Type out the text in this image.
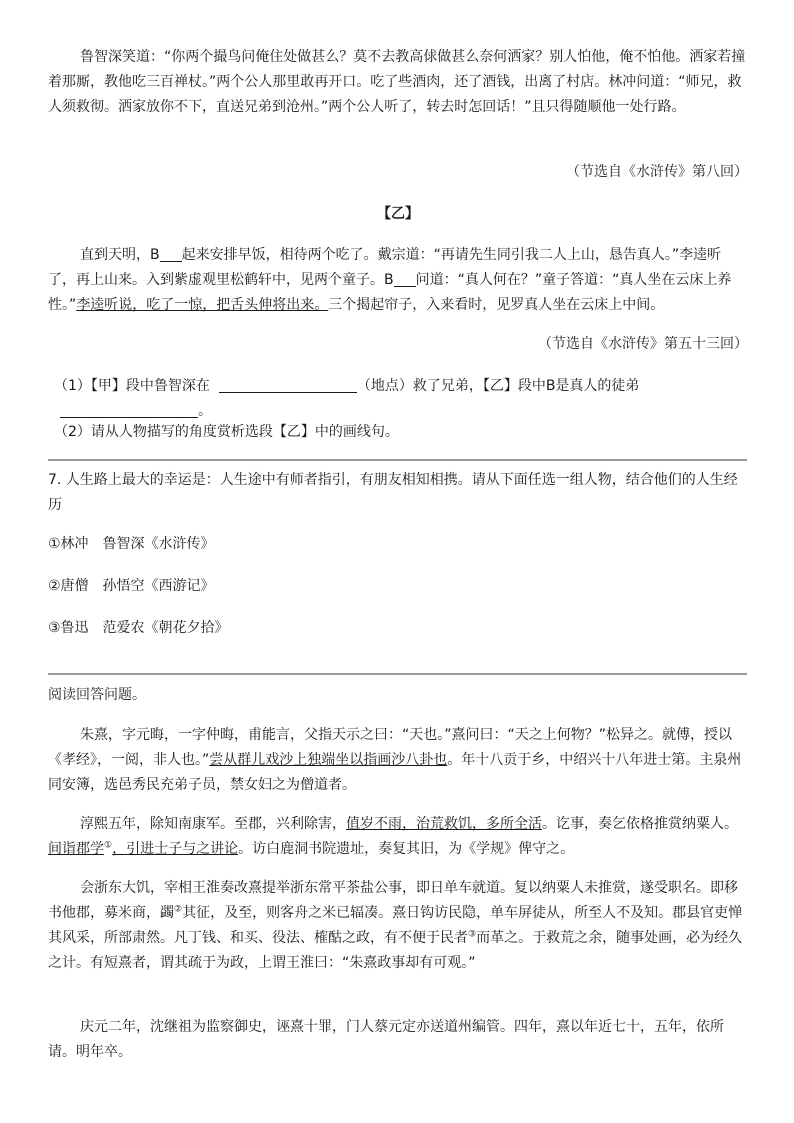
鲁智深笑道：“你两个撮鸟问俺住处做甚么？莫不去教高俅做甚么奈何洒家？别人怕他，俺不怕他。洒家若撞着那厮，教他吃三百禅杖。”两个公人那里敢再开口。吃了些酒肉，还了酒钱，出离了村店。林冲问道：“师兄，救人须救彻。洒家放你不下，直送兄弟到沧州。”两个公人听了，转去时怎回话！”且只得随顺他一处行路。

（节选自《水浒传》第八回）

【乙】

直到天明，B 起来安排早饭，相待两个吃了。戴宗道：“再请先生同引我二人上山，恳告真人。”李逵听了，再上山来。入到紫虚观里松鹤轩中，见两个童子。B 问道：“真人何在？”童子答道：“真人坐在云床上养性。”李逵听说，吃了一惊，把舌头伸将出来。三个揭起帘子，入来看时，见罗真人坐在云床上中间。

（节选自《水浒传》第五十三回）

（1）【甲】段中鲁智深在	（地点）救了兄弟，【乙】段中B是真人的徒弟
。

（2）请从人物描写的角度赏析选段【乙】中的画线句。

7. 人生路上最大的幸运是：人生途中有师者指引，有朋友相知相携。请从下面任选一组人物，结合他们的人生经历

①林冲　鲁智深《水浒传》

②唐僧　孙悟空《西游记》

③鲁迅　范爱农《朝花夕拾》

阅读回答问题。

朱熹，字元晦，一字仲晦，甫能言，父指天示之曰：“天也。”熹问曰：“天之上何物？”松异之。就傅，授以《孝经》，一阅，非人也。”尝从群儿戏沙上独端坐以指画沙八卦也。年十八贡于乡，中绍兴十八年进士第。主泉州同安簿，选邑秀民充弟子员，禁女妇之为僧道者。

淳熙五年，除知南康军。至郡，兴利除害，值岁不雨，治荒救饥，多所全活。讫事，奏乞依格推赏纳粟人。间诣郡学①，引进士子与之讲论。访白鹿洞书院遗址，奏复其旧，为《学规》俾守之。

会浙东大饥，宰相王淮奏改熹提举浙东常平茶盐公事，即日单车就道。复以纳粟人未推赏，遂受职名。即移书他郡，募米商，蠲②其征，及至，则客舟之米已辐凑。熹日钩访民隐，单车屏徒从，所至人不及知。郡县官吏惮其风采，所部肃然。凡丁钱、和买、役法、榷酤之政，有不便于民者③而革之。于救荒之余，随事处画，必为经久之计。有短熹者，谓其疏于为政，上谓王淮曰：“朱熹政事却有可观。”

庆元二年，沈继祖为监察御史，诬熹十罪，门人蔡元定亦送道州编管。四年，熹以年近七十，五年，依所请。明年卒。
